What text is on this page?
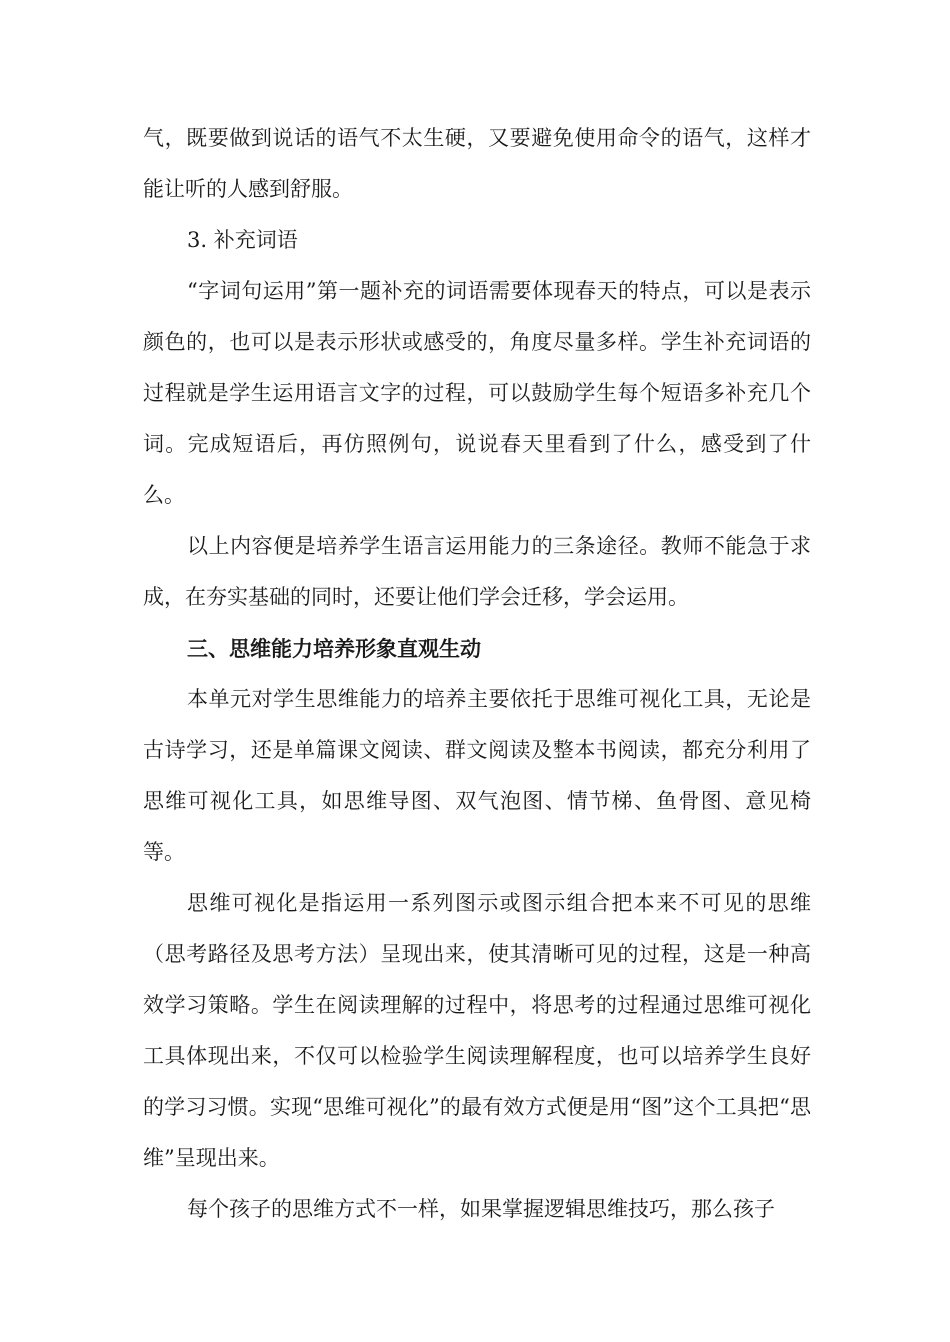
气，既要做到说话的语气不太生硬，又要避免使用命令的语气，这样才能让听的人感到舒服。

3. 补充词语

“字词句运用”第一题补充的词语需要体现春天的特点，可以是表示颜色的，也可以是表示形状或感受的，角度尽量多样。学生补充词语的过程就是学生运用语言文字的过程，可以鼓励学生每个短语多补充几个词。完成短语后，再仿照例句，说说春天里看到了什么，感受到了什么。

以上内容便是培养学生语言运用能力的三条途径。教师不能急于求成，在夯实基础的同时，还要让他们学会迁移，学会运用。

三、思维能力培养形象直观生动

本单元对学生思维能力的培养主要依托于思维可视化工具，无论是古诗学习，还是单篇课文阅读、群文阅读及整本书阅读，都充分利用了思维可视化工具，如思维导图、双气泡图、情节梯、鱼骨图、意见椅等。

思维可视化是指运用一系列图示或图示组合把本来不可见的思维（思考路径及思考方法）呈现出来，使其清晰可见的过程，这是一种高效学习策略。学生在阅读理解的过程中，将思考的过程通过思维可视化工具体现出来，不仅可以检验学生阅读理解程度，也可以培养学生良好的学习习惯。实现“思维可视化”的最有效方式便是用“图”这个工具把“思维”呈现出来。

每个孩子的思维方式不一样，如果掌握逻辑思维技巧，那么孩子
